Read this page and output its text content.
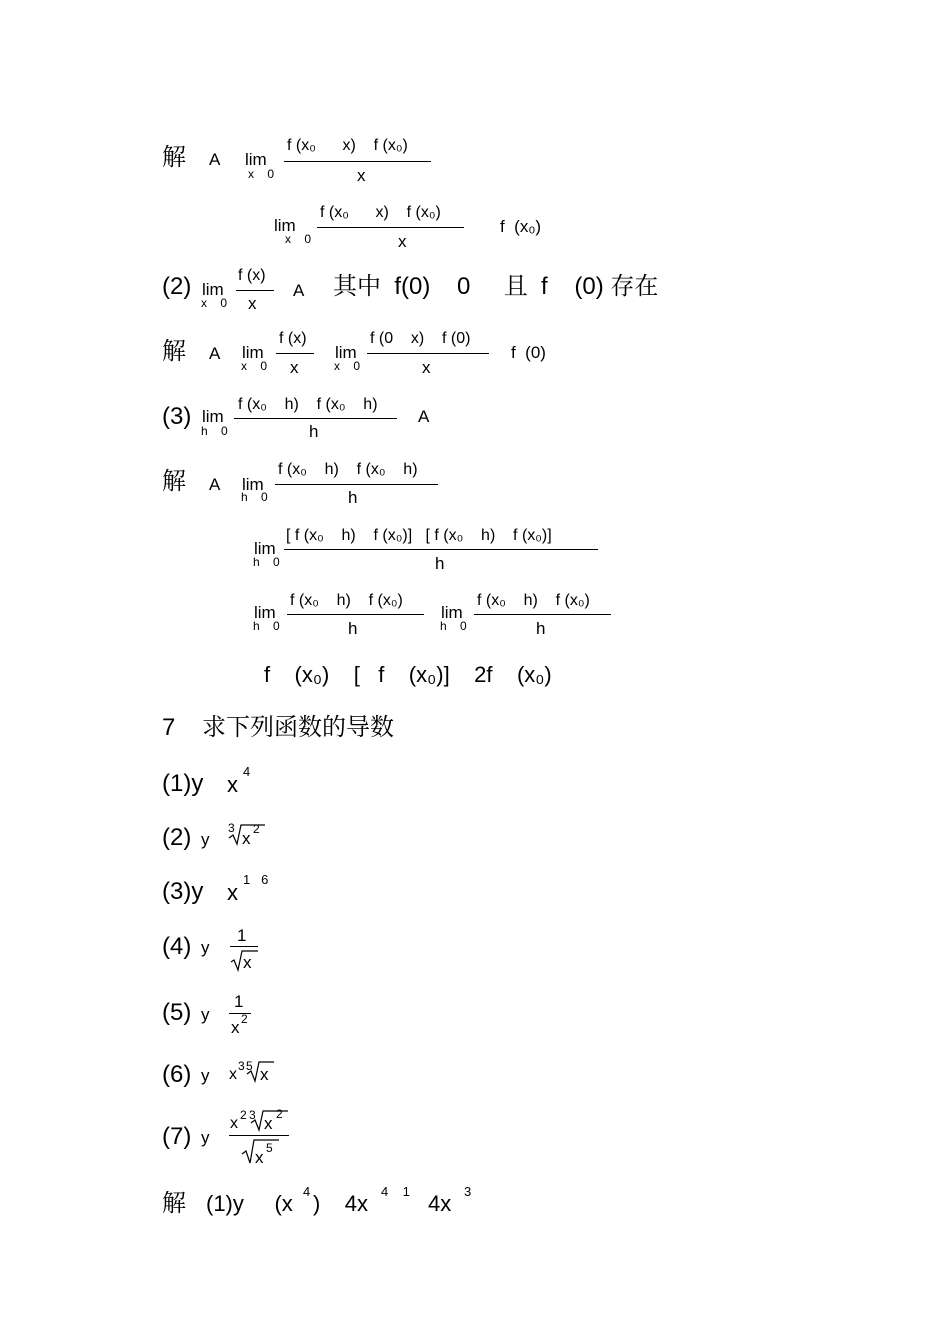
解 A lim
x    0
f (x₀      x)    f (x₀)
x
lim
x    0
f (x₀      x)    f (x₀)
x
f  (x₀)
(2) lim
x    0
f (x)
x
A 其中  f(0)    0     且  f    (0) 存在
解 A lim
x    0
f (x)
x
lim
x    0
f (0    x)    f (0)
x
f  (0)
(3) lim
h    0
f (x₀    h)    f (x₀    h)
h
A
解 A lim
h    0
f (x₀    h)    f (x₀    h)
h
lim
h    0
[ f (x₀    h)    f (x₀)]   [ f (x₀    h)    f (x₀)]
h
lim
h    0
f (x₀    h)    f (x₀)
h
lim
h    0
f (x₀    h)    f (x₀)
h
f    (x₀)    [   f    (x₀)]    2f    (x₀)
7    求下列函数的导数
(1)y x
4
(2) y
3
x 2
(3)y x
1   6
(4) y
1
x
(5) y
1
x 2
(6) y x 3 5 x
(7) y
x 2 3 x 2
x 5
解 (1)y     (x 4 )    4x 4    1 4x 3
